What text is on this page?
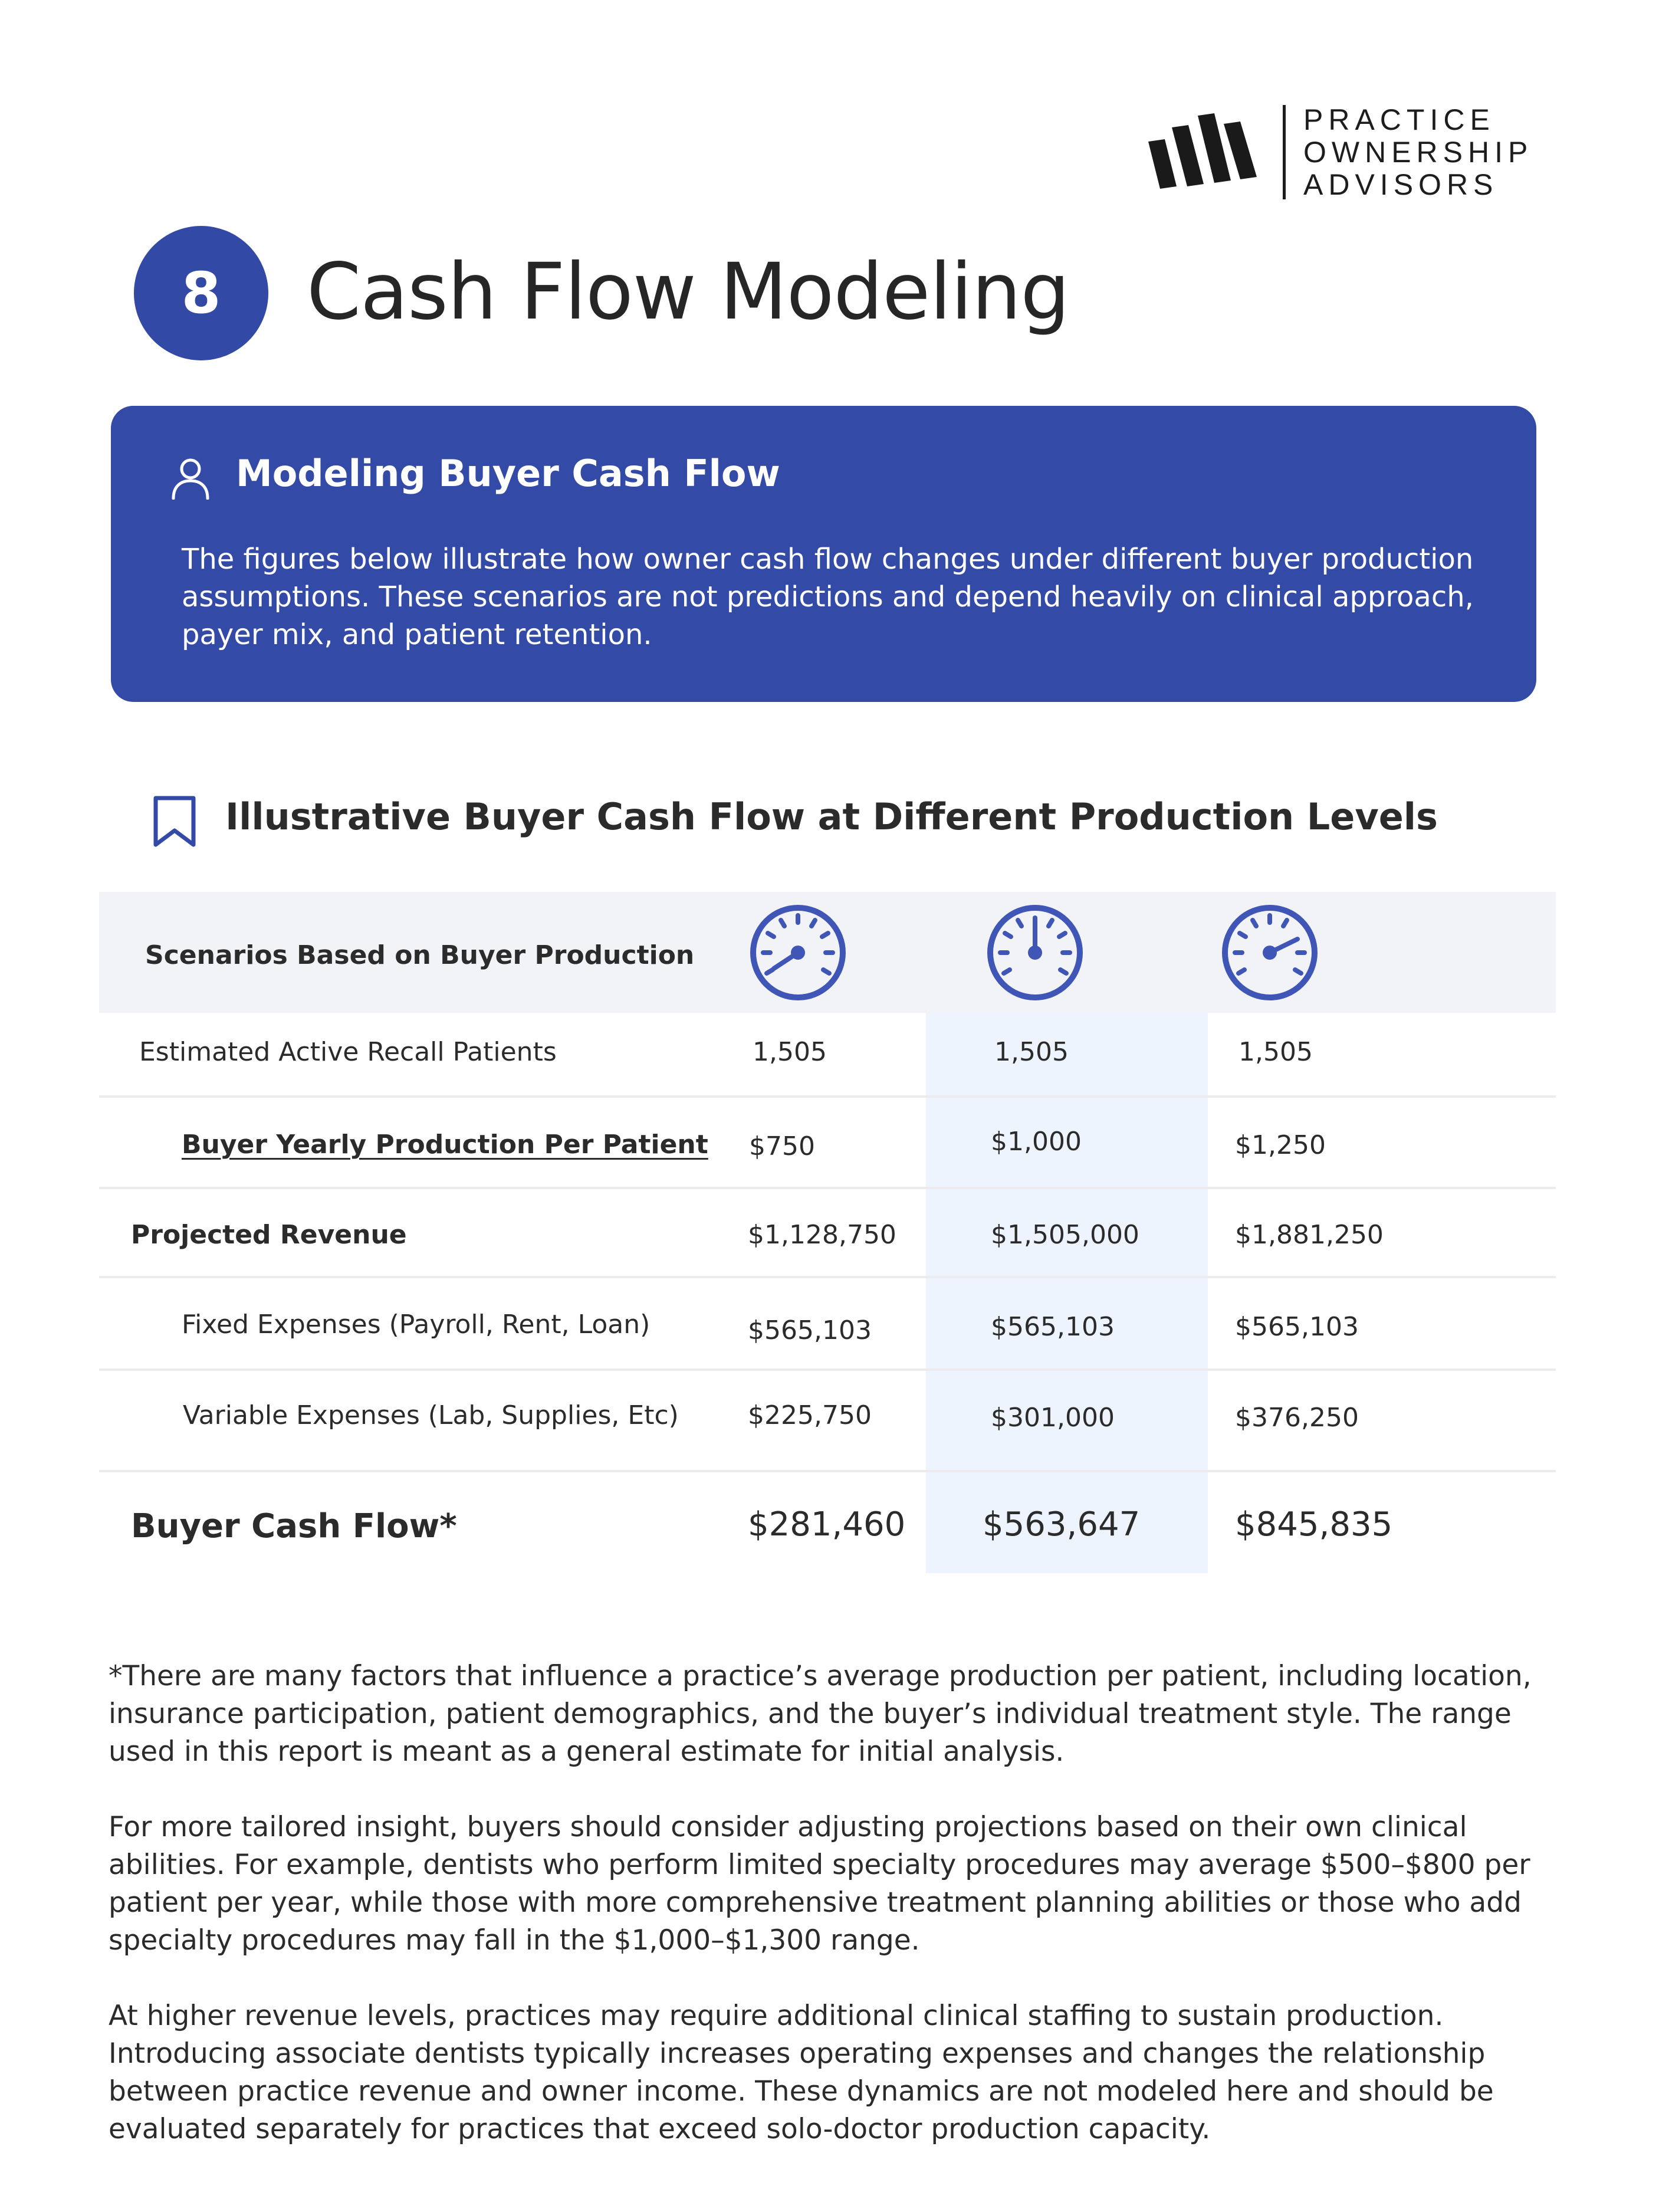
PRACTICE
OWNERSHIP
ADVISORS
8	Cash Flow Modeling
Modeling Buyer Cash Flow

The figures below illustrate how owner cash flow changes under different buyer production assumptions. These scenarios are not predictions and depend heavily on clinical approach, payer mix, and patient retention.

Illustrative Buyer Cash Flow at Different Production Levels
Scenarios Based on Buyer Production
Estimated Active Recall Patients	1,505	1,505	1,505
Buyer Yearly Production Per Patient $750	$1,000	$1,250
Projected Revenue	$1,128,750	$1,505,000	$1,881,250
Fixed Expenses (Payroll, Rent, Loan)	$565,103	$565,103	$565,103
Variable Expenses (Lab, Supplies, Etc)	$225,750	$301,000	$376,250
Buyer Cash Flow*	$281,460 $563,647	$845,835

*There are many factors that influence a practice’s average production per patient, including location, insurance participation, patient demographics, and the buyer’s individual treatment style. The range used in this report is meant as a general estimate for initial analysis.

For more tailored insight, buyers should consider adjusting projections based on their own clinical abilities. For example, dentists who perform limited specialty procedures may average $500–$800 per patient per year, while those with more comprehensive treatment planning abilities or those who add specialty procedures may fall in the $1,000–$1,300 range.

At higher revenue levels, practices may require additional clinical staffing to sustain production. Introducing associate dentists typically increases operating expenses and changes the relationship between practice revenue and owner income. These dynamics are not modeled here and should be evaluated separately for practices that exceed solo-doctor production capacity.
